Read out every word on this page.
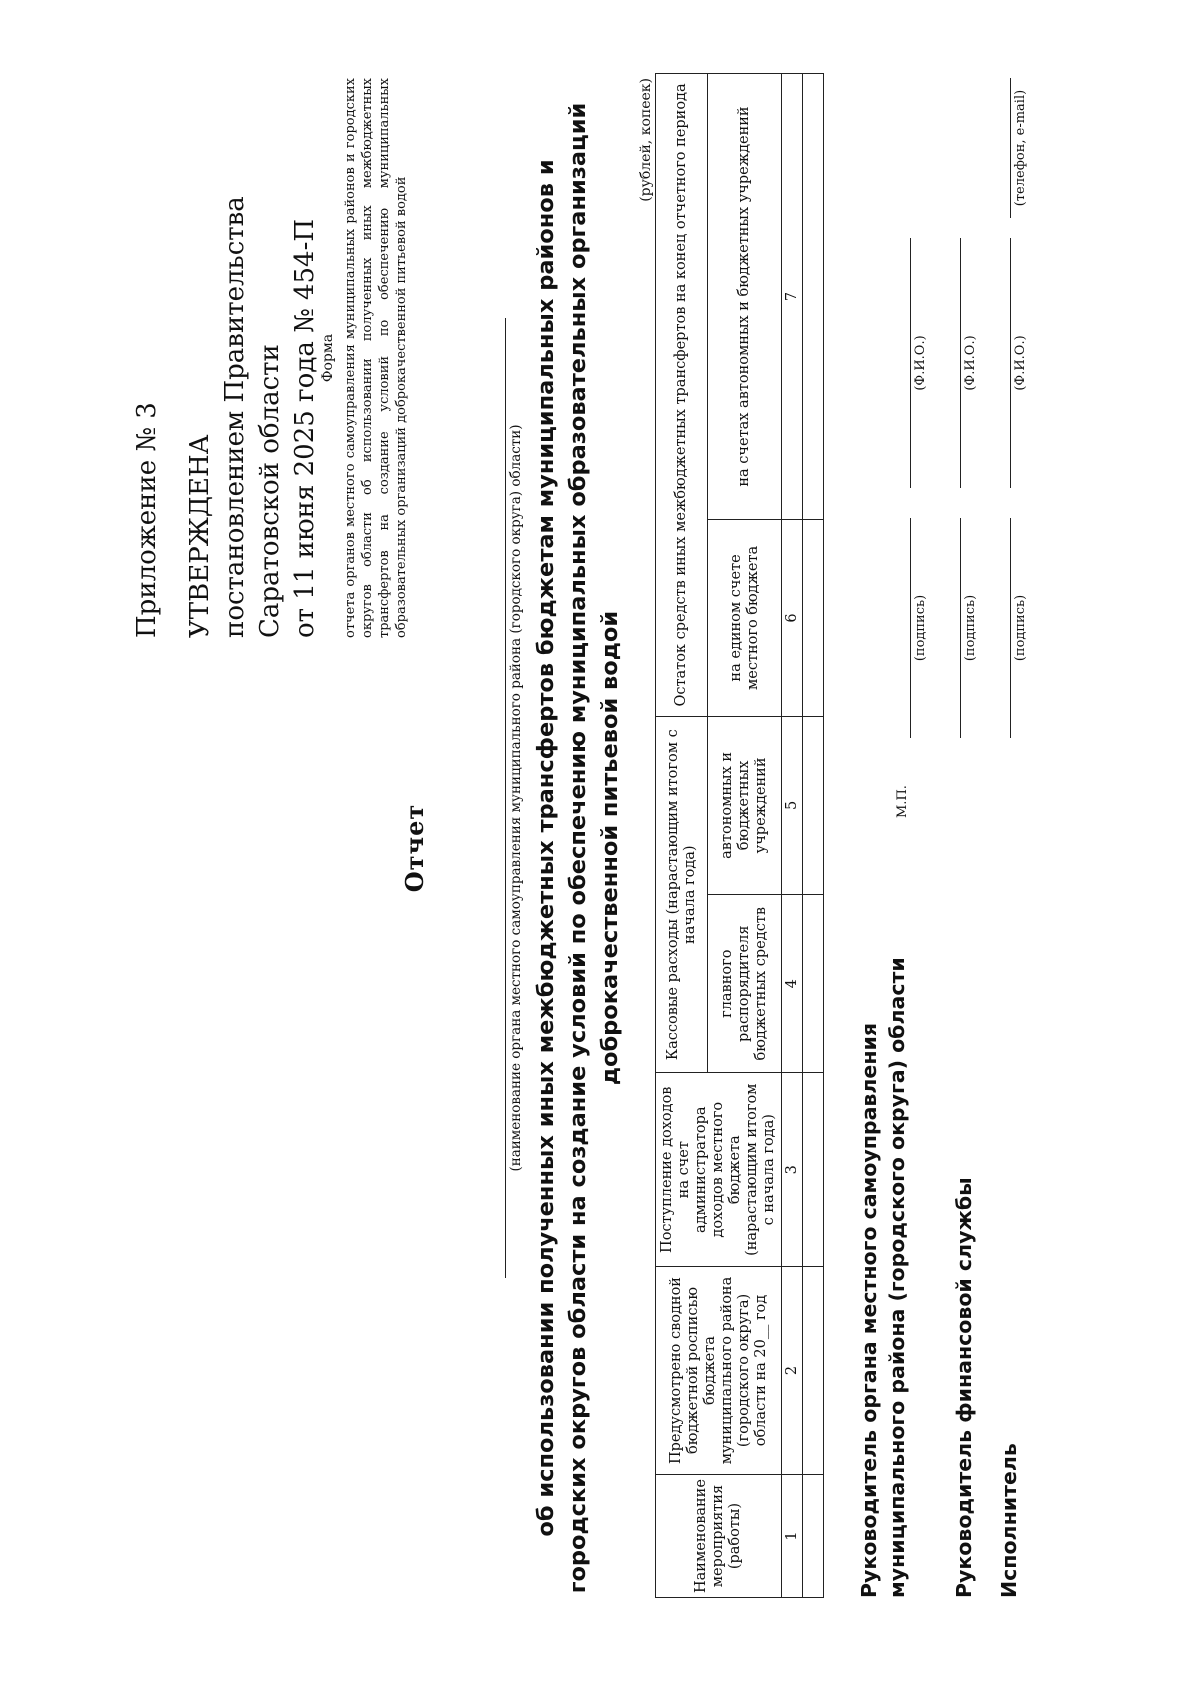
Приложение № 3 УТВЕРЖДЕНА постановлением Правительства Саратовской области от 11 июня 2025 года № 454-П Форма отчета органов местного самоуправления муниципальных районов и городских округов области об использовании полученных иных межбюджетных трансфертов на создание условий по обеспечению муниципальных образовательных организаций доброкачественной питьевой водой
Отчет	(наименование органа местного самоуправления муниципального района (городского округа) области) об использовании полученных иных межбюджетных трансфертов бюджетам муниципальных районов и городских округов области на создание условий по обеспечению муниципальных образовательных организаций доброкачественной питьевой водой
(рублей, копеек)
Наименование мероприятия (работы)	Предусмотрено сводной бюджетной росписью бюджета муниципального района (городского округа) области на 20__ год	Поступление доходов на счет администратора доходов местного бюджета (нарастающим итогом с начала года)	Кассовые расходы (нарастающим итогом с начала года)		Остаток средств иных межбюджетных трансфертов на конец отчетного периода	
			главного распорядителя бюджетных средств	автономных и бюджетных учреждений	на едином счете местного бюджета	на счетах автономных и бюджетных учреждений
1	2	3	4	5	6	7

Руководитель органа местного самоуправления муниципального района (городского округа) области
М.П.
(подпись)
(Ф.И.О.)
Руководитель финансовой службы
(подпись)
(Ф.И.О.)
Исполнитель
(подпись)
(Ф.И.О.)
(телефон, e-mail)
